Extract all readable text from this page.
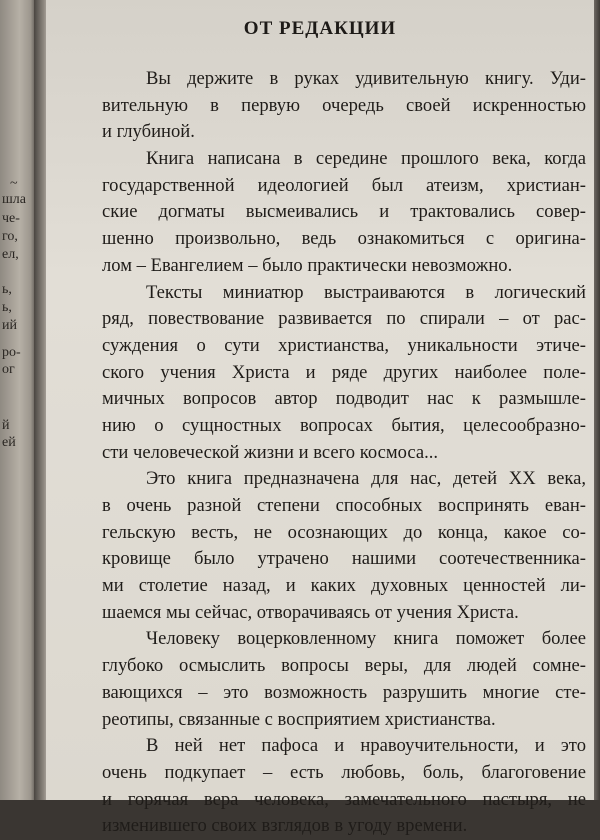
~
шла
че-
го,
ел,
ь,
ь,
ий
ро-
ог
й
ей
ОТ РЕДАКЦИИ
Вы держите в руках удивительную книгу. Уди-
вительную в первую очередь своей искренностью
и глубиной.
Книга написана в середине прошлого века, когда
государственной идеологией был атеизм, христиан-
ские догматы высмеивались и трактовались совер-
шенно произвольно, ведь ознакомиться с оригина-
лом – Евангелием – было практически невозможно.
Тексты миниатюр выстраиваются в логический
ряд, повествование развивается по спирали – от рас-
суждения о сути христианства, уникальности этиче-
ского учения Христа и ряде других наиболее поле-
мичных вопросов автор подводит нас к размышле-
нию о сущностных вопросах бытия, целесообразно-
сти человеческой жизни и всего космоса...
Это книга предназначена для нас, детей XX века,
в очень разной степени способных воспринять еван-
гельскую весть, не осознающих до конца, какое со-
кровище было утрачено нашими соотечественника-
ми столетие назад, и каких духовных ценностей ли-
шаемся мы сейчас, отворачиваясь от учения Христа.
Человеку воцерковленному книга поможет более
глубоко осмыслить вопросы веры, для людей сомне-
вающихся – это возможность разрушить многие сте-
реотипы, связанные с восприятием христианства.
В ней нет пафоса и нравоучительности, и это
очень подкупает – есть любовь, боль, благоговение
и горячая вера человека, замечательного пастыря, не
изменившего своих взглядов в угоду времени.
